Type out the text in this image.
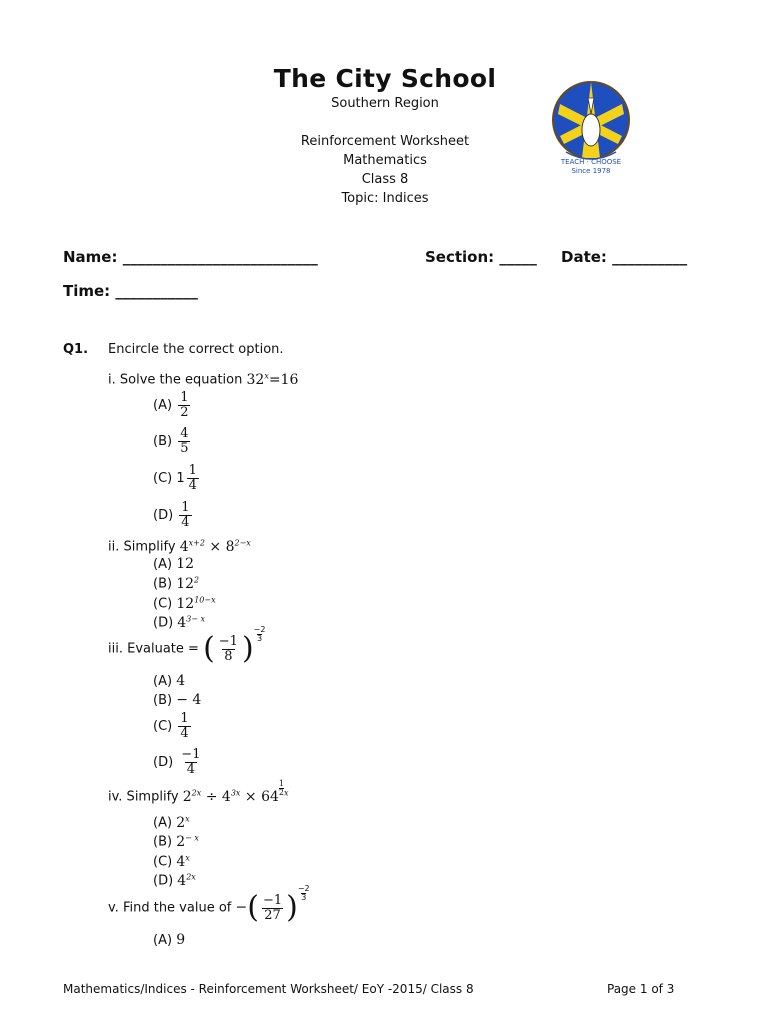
The City School
Southern Region
Reinforcement Worksheet
Mathematics
Class 8
Topic: Indices
TEACH · CHOOSE
Since 1978
Name: __________________________	Section: _____ Date: __________
Time: ___________
Q1. Encircle the correct option.
i. Solve the equation $32^x=16$
$(A) \frac{1}{2}$
$(B) \frac{4}{5}$
(C) $1 \frac{1}{4}$
$(D) \frac{1}{4}$
ii. Simplify $4^{x+2} \times 8^{2-x}$
(A) 12
(B) $12^2$
(C) $12^{10-x}$
(D) $4^{3- x}$
iii. Evaluate = ( $\frac{-1}{8}$ ) $\frac{-2}{3}$
(A) 4
(B) − 4
$(C) \frac{1}{4}$
$(D) \frac{-1}{4}$
iv. Simplify $2^{2x} \div 4^{3x} \times 64 \frac{1}{2} ^x$
(A) 2$^x$
(B) $2^{- x}$
(C) 4$^x$
(D) $4^{2x}$
v. Find the value of −( $\frac{-1}{27}$ ) $\frac{-2}{3}$
(A) 9
Mathematics/Indices - Reinforcement Worksheet/ EoY -2015/ Class 8	Page 1 of 3
